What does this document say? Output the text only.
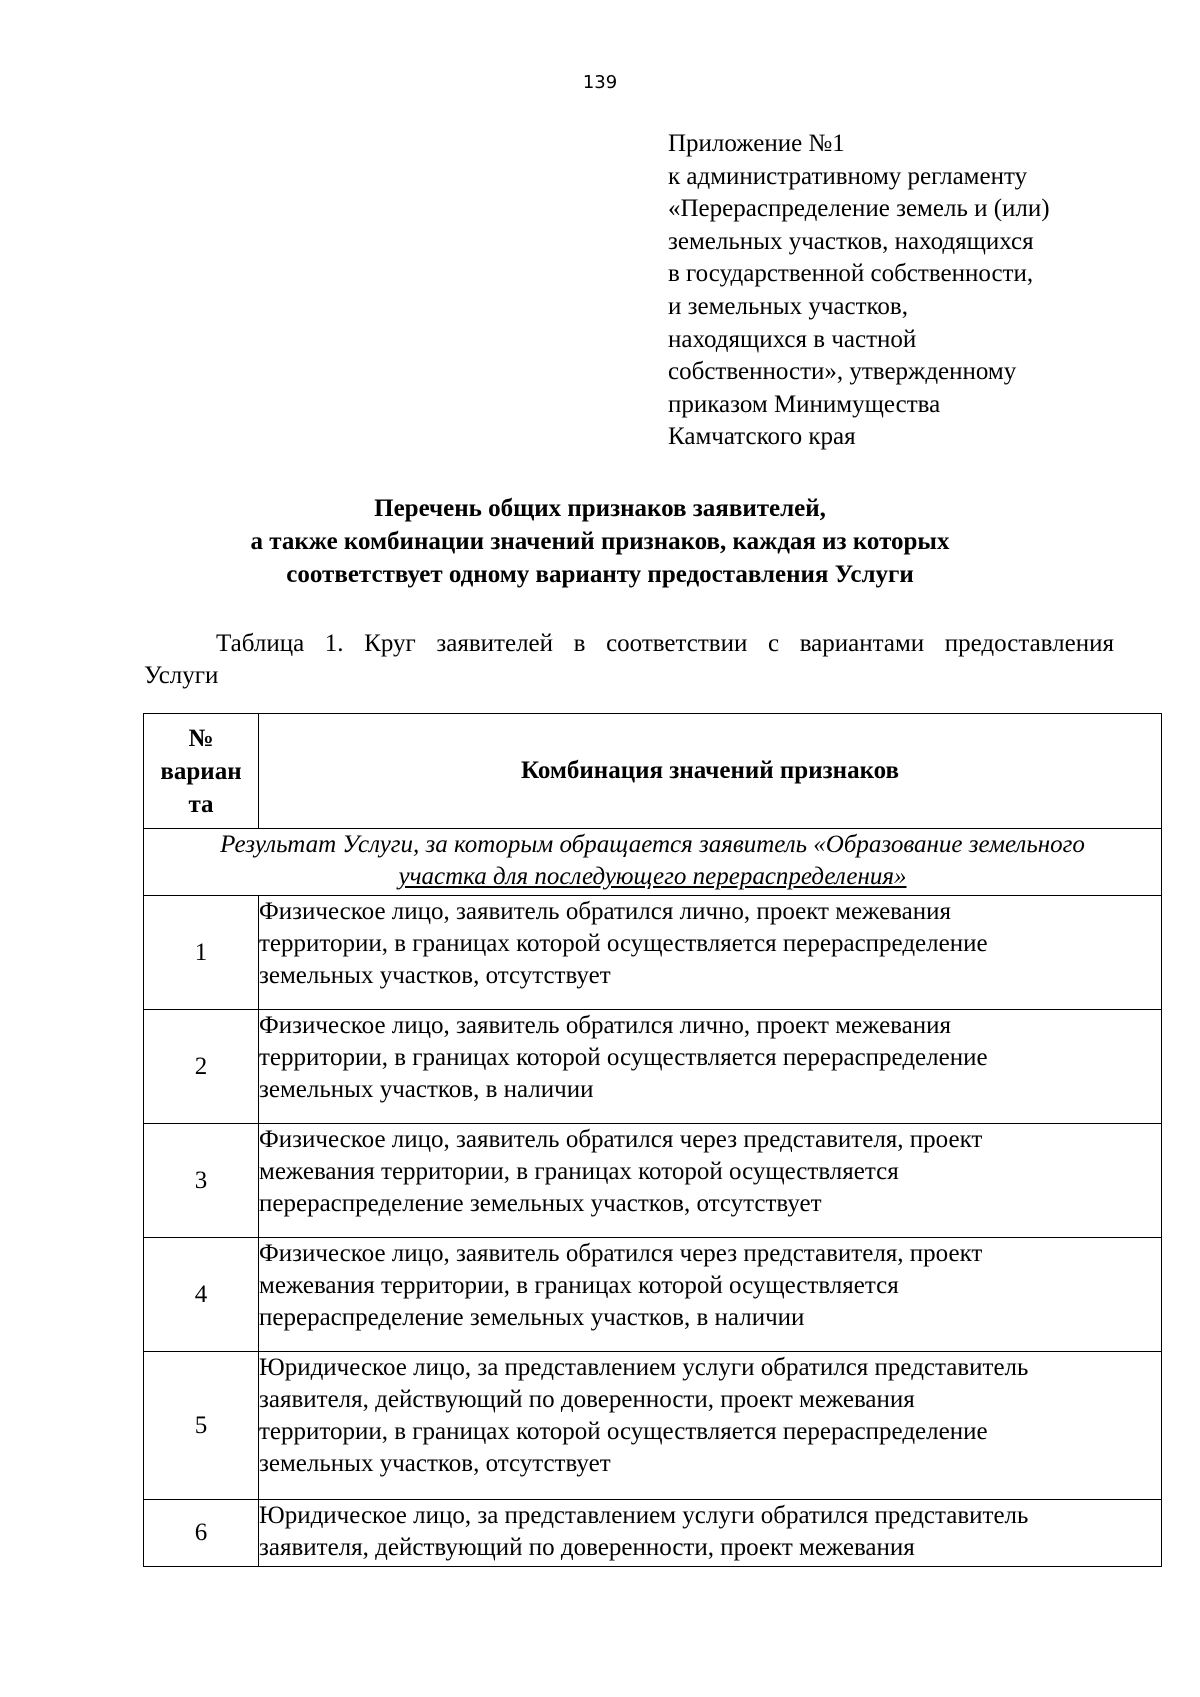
139
Приложение №1
к административному регламенту
«Перераспределение земель и (или)
земельных участков, находящихся
в государственной собственности,
и земельных участков,
находящихся в частной
собственности», утвержденному
приказом Минимущества
Камчатского края
Перечень общих признаков заявителей,
а также комбинации значений признаков, каждая из которых
соответствует одному варианту предоставления Услуги
Таблица 1. Круг заявителей в соответствии с вариантами предоставления
Услуги
№
вариан
та	Комбинация значений признаков

Результат Услуги, за которым обращается заявитель «Образование земельного
участка для последующего перераспределения»	

1	Физическое лицо, заявитель обратился лично, проект межевания
территории, в границах которой осуществляется перераспределение
земельных участков, отсутствует

2	Физическое лицо, заявитель обратился лично, проект межевания
территории, в границах которой осуществляется перераспределение
земельных участков, в наличии

3	Физическое лицо, заявитель обратился через представителя, проект
межевания территории, в границах которой осуществляется
перераспределение земельных участков, отсутствует

4	Физическое лицо, заявитель обратился через представителя, проект
межевания территории, в границах которой осуществляется
перераспределение земельных участков, в наличии

5	Юридическое лицо, за представлением услуги обратился представитель
заявителя, действующий по доверенности, проект межевания
территории, в границах которой осуществляется перераспределение
земельных участков, отсутствует

6	Юридическое лицо, за представлением услуги обратился представитель
заявителя, действующий по доверенности, проект межевания
